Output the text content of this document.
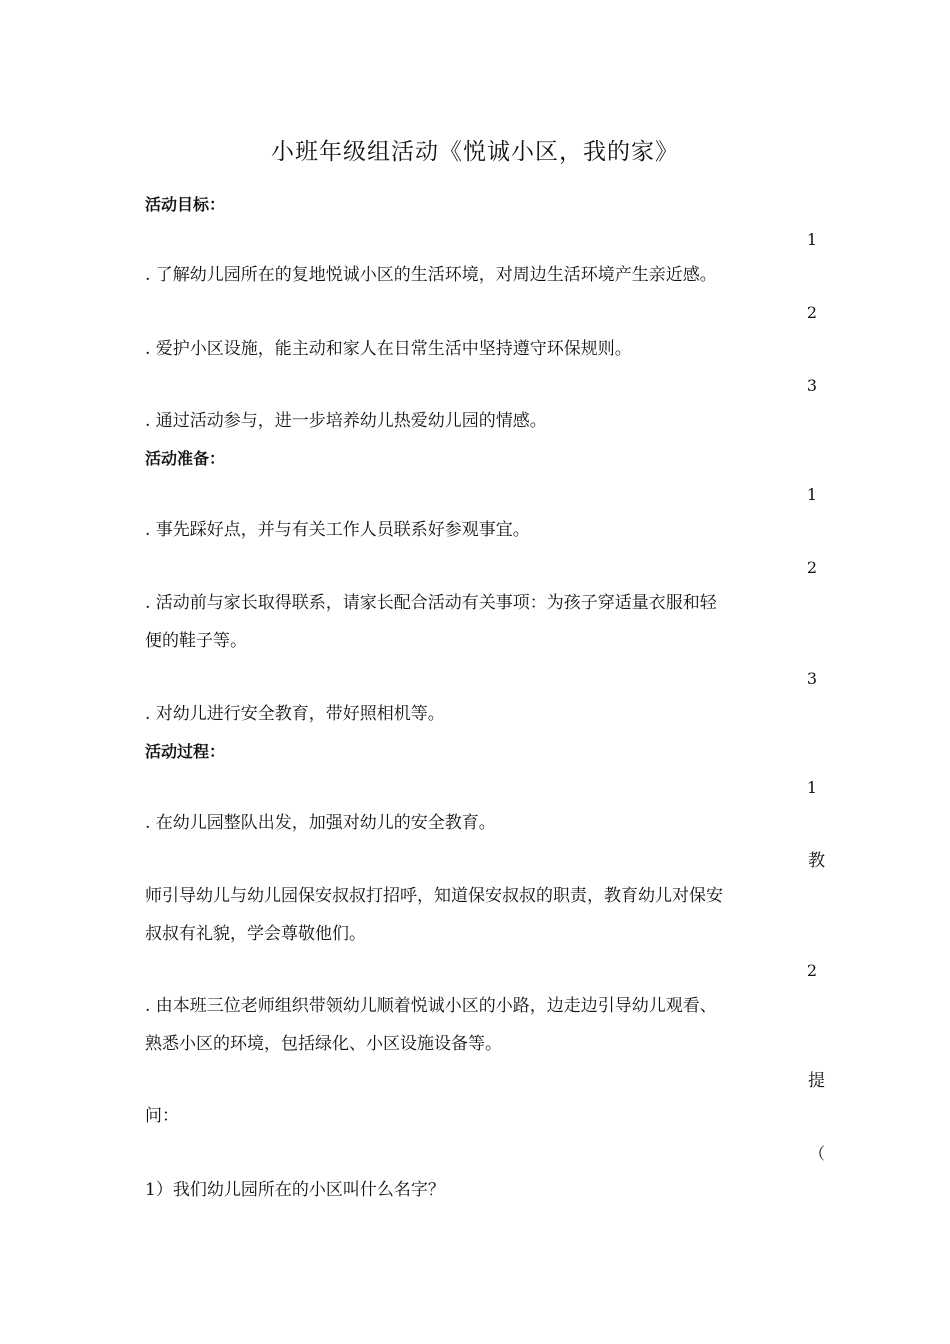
小班年级组活动《悦诚小区，我的家》
活动目标：
1
. 了解幼儿园所在的复地悦诚小区的生活环境，对周边生活环境产生亲近感。
2
. 爱护小区设施，能主动和家人在日常生活中坚持遵守环保规则。
3
. 通过活动参与，进一步培养幼儿热爱幼儿园的情感。
活动准备：
1
. 事先踩好点，并与有关工作人员联系好参观事宜。
2
. 活动前与家长取得联系，请家长配合活动有关事项：为孩子穿适量衣服和轻
便的鞋子等。
3
. 对幼儿进行安全教育，带好照相机等。
活动过程：
1
. 在幼儿园整队出发，加强对幼儿的安全教育。
教
师引导幼儿与幼儿园保安叔叔打招呼，知道保安叔叔的职责，教育幼儿对保安
叔叔有礼貌，学会尊敬他们。
2
. 由本班三位老师组织带领幼儿顺着悦诚小区的小路，边走边引导幼儿观看、
熟悉小区的环境，包括绿化、小区设施设备等。
提
问：
（
1）我们幼儿园所在的小区叫什么名字？
